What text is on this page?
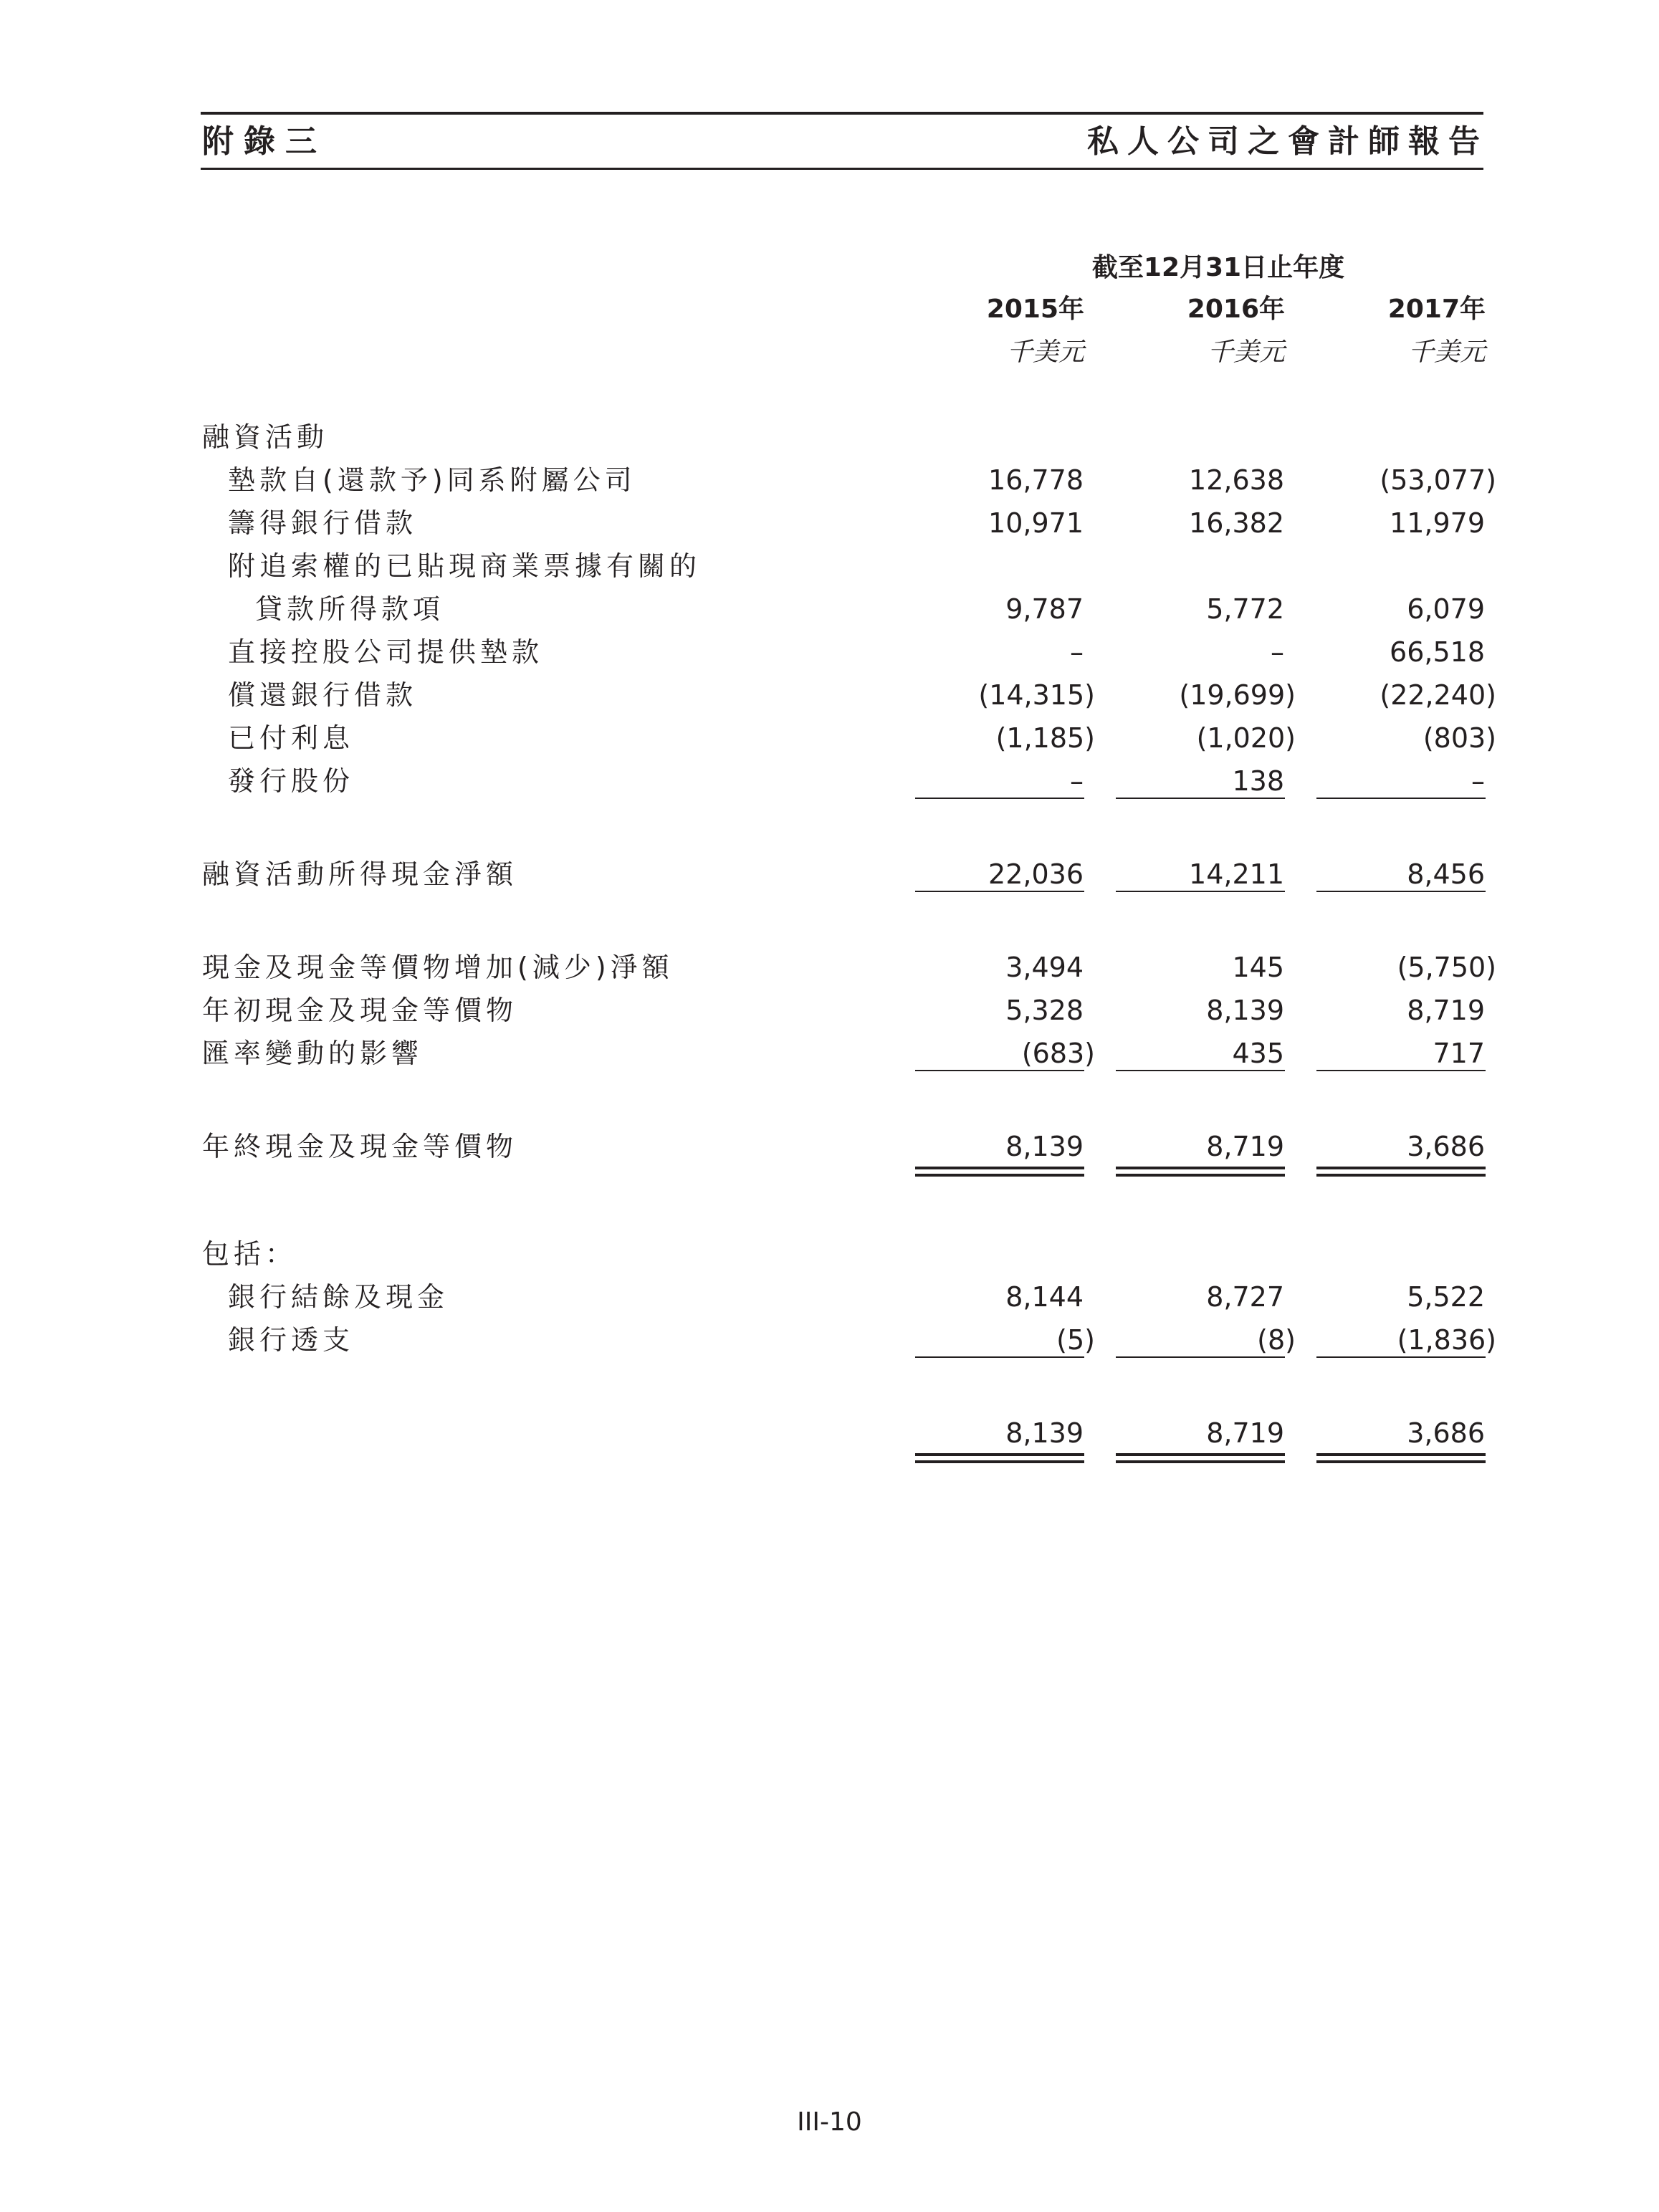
附錄三	私人公司之會計師報告
截至12月31日止年度
2015年	2016年	2017年
千美元	千美元	千美元
融資活動
墊款自(還款予)同系附屬公司	16,778	12,638	(53,077)
籌得銀行借款	10,971	16,382	11,979
附追索權的已貼現商業票據有關的
貸款所得款項	9,787	5,772	6,079
直接控股公司提供墊款	–	–	66,518
償還銀行借款	(14,315)	(19,699)	(22,240)
已付利息	(1,185)	(1,020)	(803)
發行股份	–	138	–
融資活動所得現金淨額	22,036	14,211	8,456
現金及現金等價物增加(減少)淨額	3,494	145	(5,750)
年初現金及現金等價物	5,328	8,139	8,719
匯率變動的影響	(683)	435	717
年終現金及現金等價物	8,139	8,719	3,686
包括：
銀行結餘及現金	8,144	8,727	5,522
銀行透支	(5)	(8)	(1,836)
8,139	8,719	3,686
III-10
